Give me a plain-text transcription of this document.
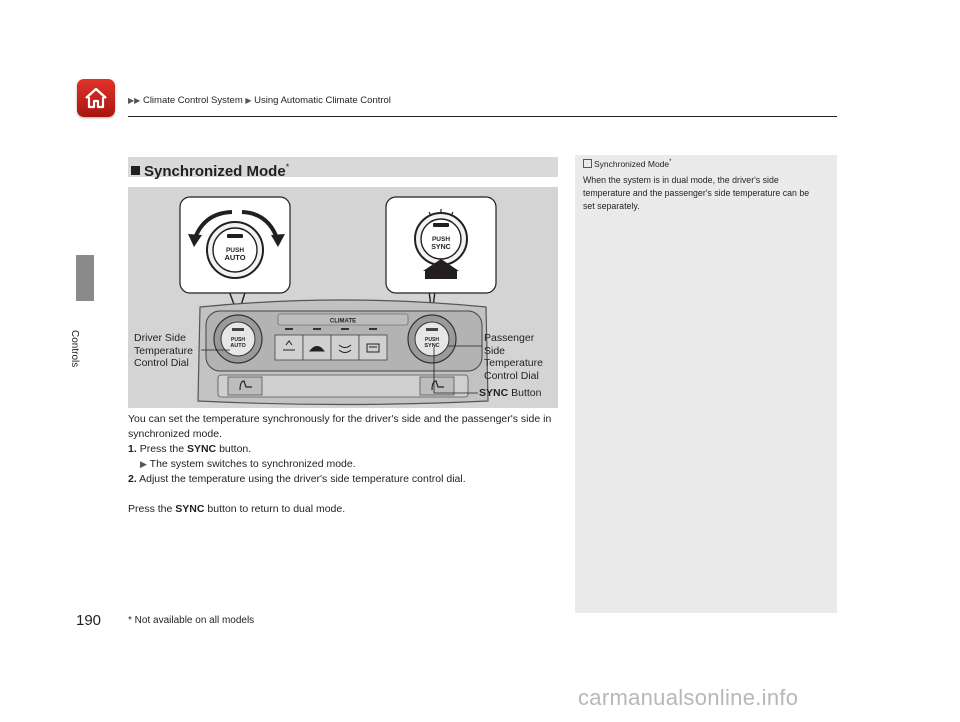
▶▶ Climate Control System ▶ Using Automatic Climate Control
Controls
190
Synchronized Mode*
CLIMATE
PUSH
AUTO
PUSH
SYNC
PUSH
AUTO
PUSH
SYNC
Driver Side
Temperature
Control Dial
Passenger
Side
Temperature
Control Dial
SYNC Button

You can set the temperature synchronously for the driver's side and the passenger's side in synchronized mode.

1. Press the SYNC button.

▶ The system switches to synchronized mode.

2. Adjust the temperature using the driver's side temperature control dial.

Press the SYNC button to return to dual mode.

Synchronized Mode*
When the system is in dual mode, the driver's side temperature and the passenger's side temperature can be set separately.
* Not available on all models
carmanualsonline.info
